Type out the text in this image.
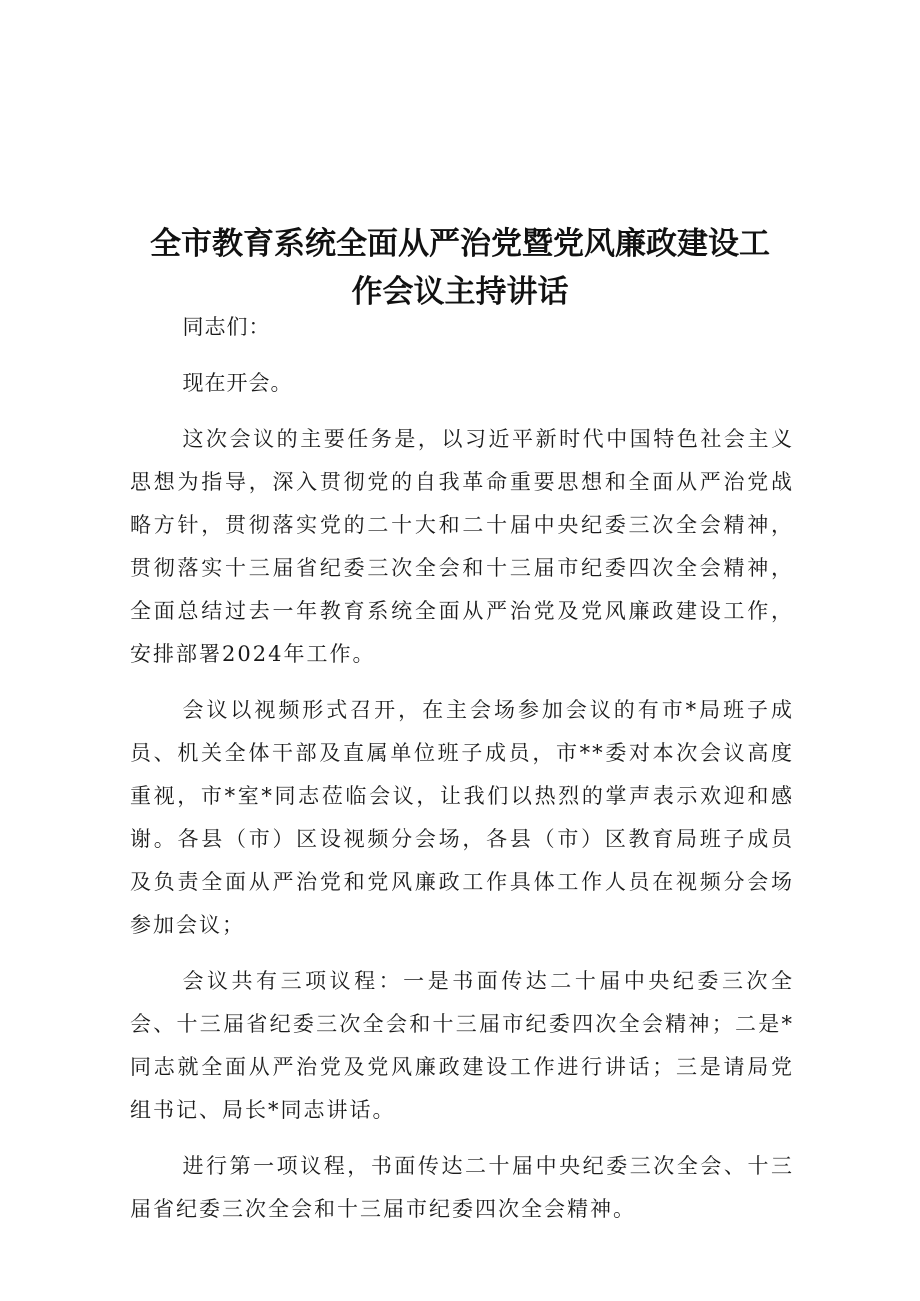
全市教育系统全面从严治党暨党风廉政建设工
作会议主持讲话

同志们：

现在开会。

这次会议的主要任务是，以习近平新时代中国特色社会主义思想为指导，深入贯彻党的自我革命重要思想和全面从严治党战略方针，贯彻落实党的二十大和二十届中央纪委三次全会精神，贯彻落实十三届省纪委三次全会和十三届市纪委四次全会精神，全面总结过去一年教育系统全面从严治党及党风廉政建设工作，安排部署2024年工作。

会议以视频形式召开，在主会场参加会议的有市*局班子成员、机关全体干部及直属单位班子成员，市**委对本次会议高度重视，市*室*同志莅临会议，让我们以热烈的掌声表示欢迎和感谢。各县（市）区设视频分会场，各县（市）区教育局班子成员及负责全面从严治党和党风廉政工作具体工作人员在视频分会场参加会议；

会议共有三项议程：一是书面传达二十届中央纪委三次全会、十三届省纪委三次全会和十三届市纪委四次全会精神；二是*同志就全面从严治党及党风廉政建设工作进行讲话；三是请局党组书记、局长*同志讲话。

进行第一项议程，书面传达二十届中央纪委三次全会、十三届省纪委三次全会和十三届市纪委四次全会精神。
